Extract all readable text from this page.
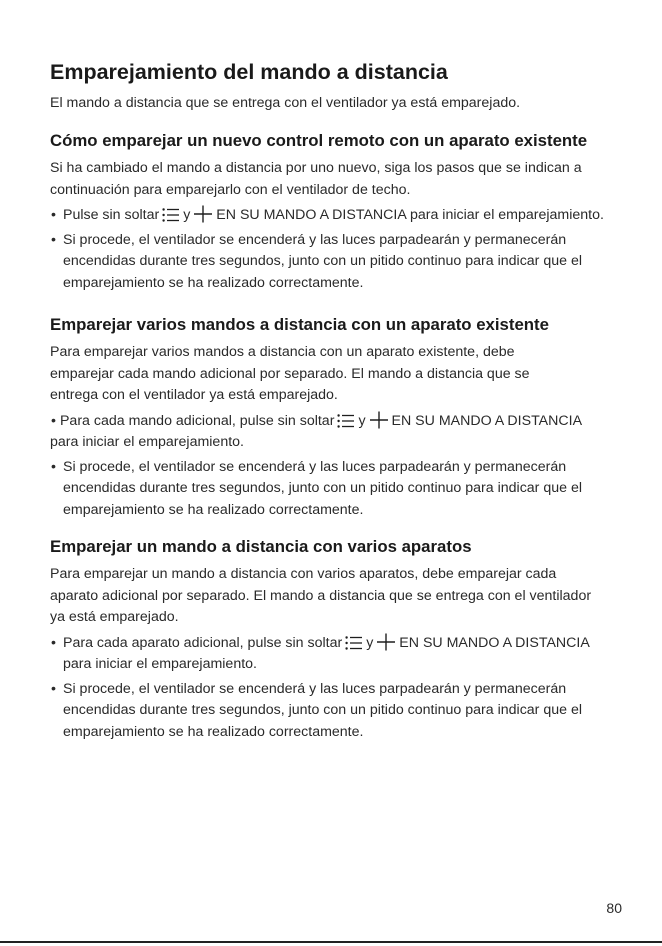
Emparejamiento del mando a distancia

El mando a distancia que se entrega con el ventilador ya está emparejado.

Cómo emparejar un nuevo control remoto con un aparato existente

Si ha cambiado el mando a distancia por uno nuevo, siga los pasos que se indican a continuación para emparejarlo con el ventilador de techo.

• Pulse sin soltar y EN SU MANDO A DISTANCIA para iniciar el emparejamiento.
• Si procede, el ventilador se encenderá y las luces parpadearán y permanecerán encendidas durante tres segundos, junto con un pitido continuo para indicar que el emparejamiento se ha realizado correctamente.
Emparejar varios mandos a distancia con un aparato existente

Para emparejar varios mandos a distancia con un aparato existente, debe emparejar cada mando adicional por separado. El mando a distancia que se entrega con el ventilador ya está emparejado.

• Para cada mando adicional, pulse sin soltar y EN SU MANDO A DISTANCIA
para iniciar el emparejamiento.
• Si procede, el ventilador se encenderá y las luces parpadearán y permanecerán encendidas durante tres segundos, junto con un pitido continuo para indicar que el emparejamiento se ha realizado correctamente.
Emparejar un mando a distancia con varios aparatos

Para emparejar un mando a distancia con varios aparatos, debe emparejar cada aparato adicional por separado. El mando a distancia que se entrega con el ventilador ya está emparejado.

• Para cada aparato adicional, pulse sin soltar y EN SU MANDO A DISTANCIA
para iniciar el emparejamiento.
• Si procede, el ventilador se encenderá y las luces parpadearán y permanecerán encendidas durante tres segundos, junto con un pitido continuo para indicar que el emparejamiento se ha realizado correctamente.
80
